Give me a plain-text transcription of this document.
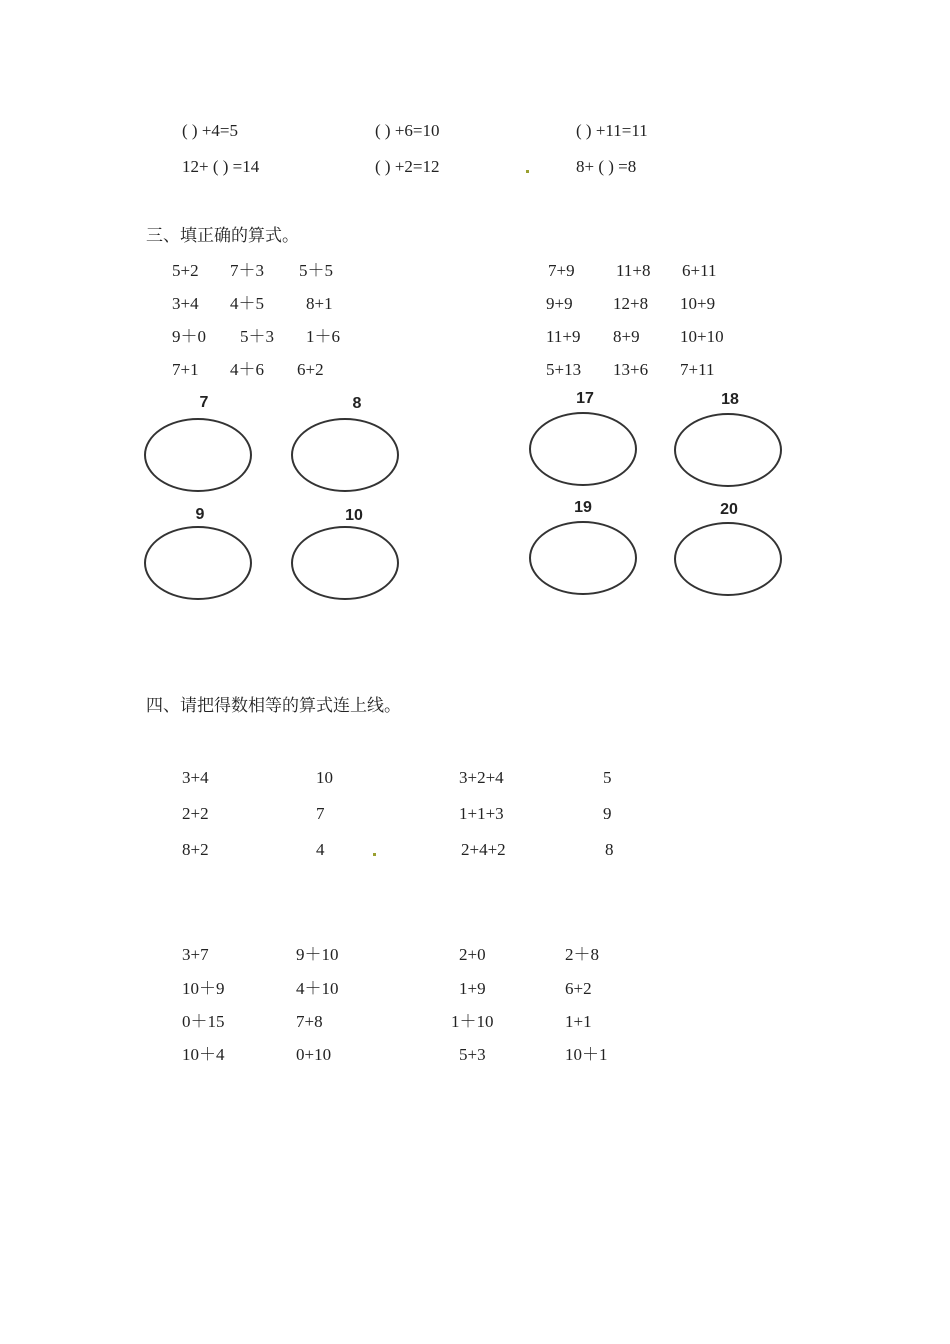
( ) +4=5	( ) +6=10	( ) +11=11
12+ ( ) =14	( ) +2=12	8+ ( ) =8
三、填正确的算式。
5+2 7＋3 5＋5
3+4 4＋5 8+1
9＋0 5＋3 1＋6
7+1 4＋6 6+2
7+9 11+8 6+11
9+9 12+8 10+9
11+9 8+9 10+10
5+13 13+6 7+11
7	8
9	10
17	18
19	20
四、请把得数相等的算式连上线。
3+4	10	3+2+4	5
2+2	7	1+1+3	9
8+2	4	2+4+2	8
3+7	9＋10	2+0	2＋8
10＋9	4＋10	1+9	6+2
0＋15	7+8	1＋10	1+1
10＋4	0+10	5+3	10＋1
